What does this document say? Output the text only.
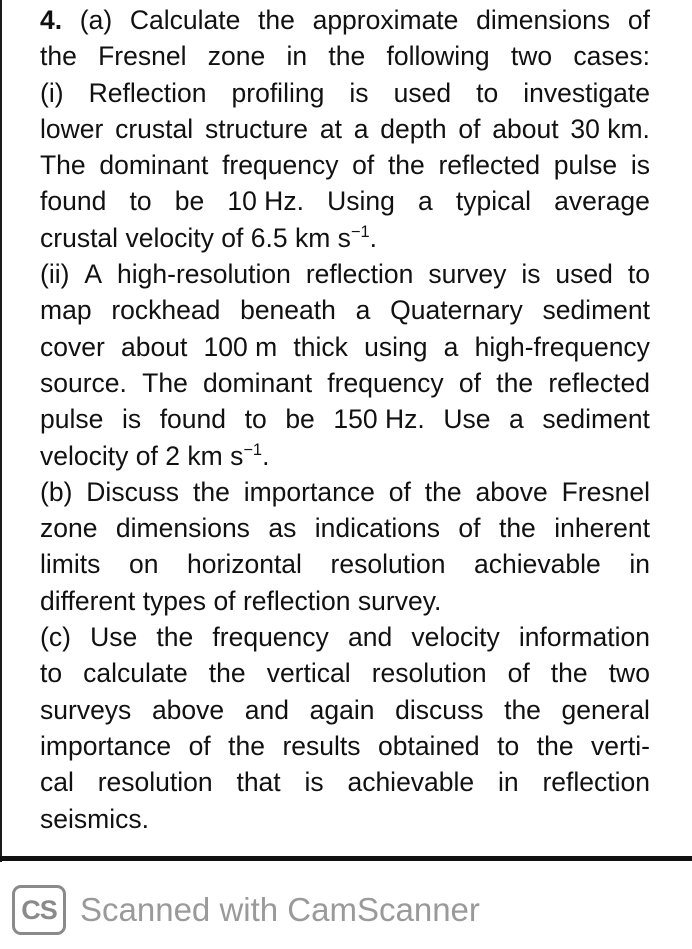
4. (a) Calculate the approximate dimensions of
the Fresnel zone in the following two cases:
(i) Reflection profiling is used to investigate
lower crustal structure at a depth of about 30 km.
The dominant frequency of the reflected pulse is
found to be 10 Hz. Using a typical average
crustal velocity of 6.5 km $s^{-1}$.
(ii) A high-resolution reflection survey is used to
map rockhead beneath a Quaternary sediment
cover about 100 m thick using a high-frequency
source. The dominant frequency of the reflected
pulse is found to be 150 Hz. Use a sediment
velocity of 2 km $s^{-1}$.
(b) Discuss the importance of the above Fresnel
zone dimensions as indications of the inherent
limits on horizontal resolution achievable in
different types of reflection survey.
(c) Use the frequency and velocity information
to calculate the vertical resolution of the two
surveys above and again discuss the general
importance of the results obtained to the verti-
cal resolution that is achievable in reflection
seismics.
CS Scanned with CamScanner
